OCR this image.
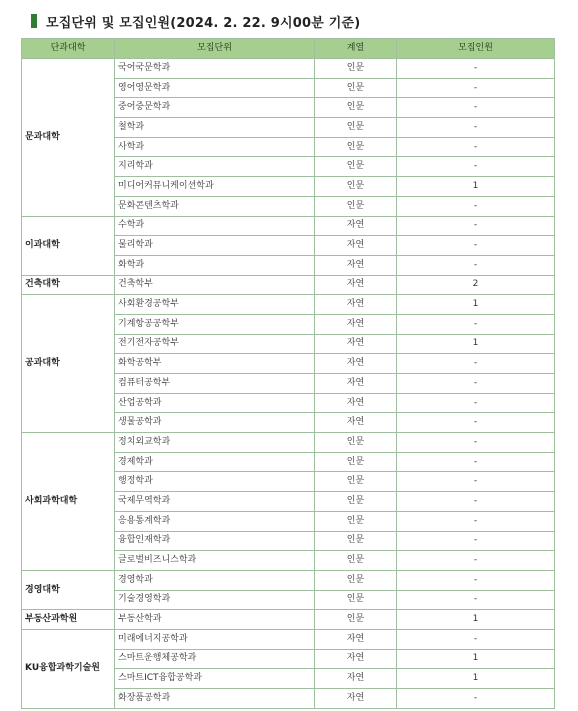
모집단위 및 모집인원(2024. 2. 22. 9시00분 기준)
단과대학	모집단위	계열	모집인원
문과대학	국어국문학과	인문	-
	영어영문학과	인문	-
	중어중문학과	인문	-
	철학과	인문	-
	사학과	인문	-
	지리학과	인문	-
	미디어커뮤니케이션학과	인문	1
	문화콘텐츠학과	인문	-
이과대학	수학과	자연	-
	물리학과	자연	-
	화학과	자연	-
건축대학	건축학부	자연	2
공과대학	사회환경공학부	자연	1
	기계항공공학부	자연	-
	전기전자공학부	자연	1
	화학공학부	자연	-
	컴퓨터공학부	자연	-
	산업공학과	자연	-
	생물공학과	자연	-
사회과학대학	정치외교학과	인문	-
	경제학과	인문	-
	행정학과	인문	-
	국제무역학과	인문	-
	응용통계학과	인문	-
	융합인재학과	인문	-
	글로벌비즈니스학과	인문	-
경영대학	경영학과	인문	-
	기술경영학과	인문	-
부동산과학원	부동산학과	인문	1
KU융합과학기술원	미래에너지공학과	자연	-
	스마트운행체공학과	자연	1
	스마트ICT융합공학과	자연	1
	화장품공학과	자연	-
